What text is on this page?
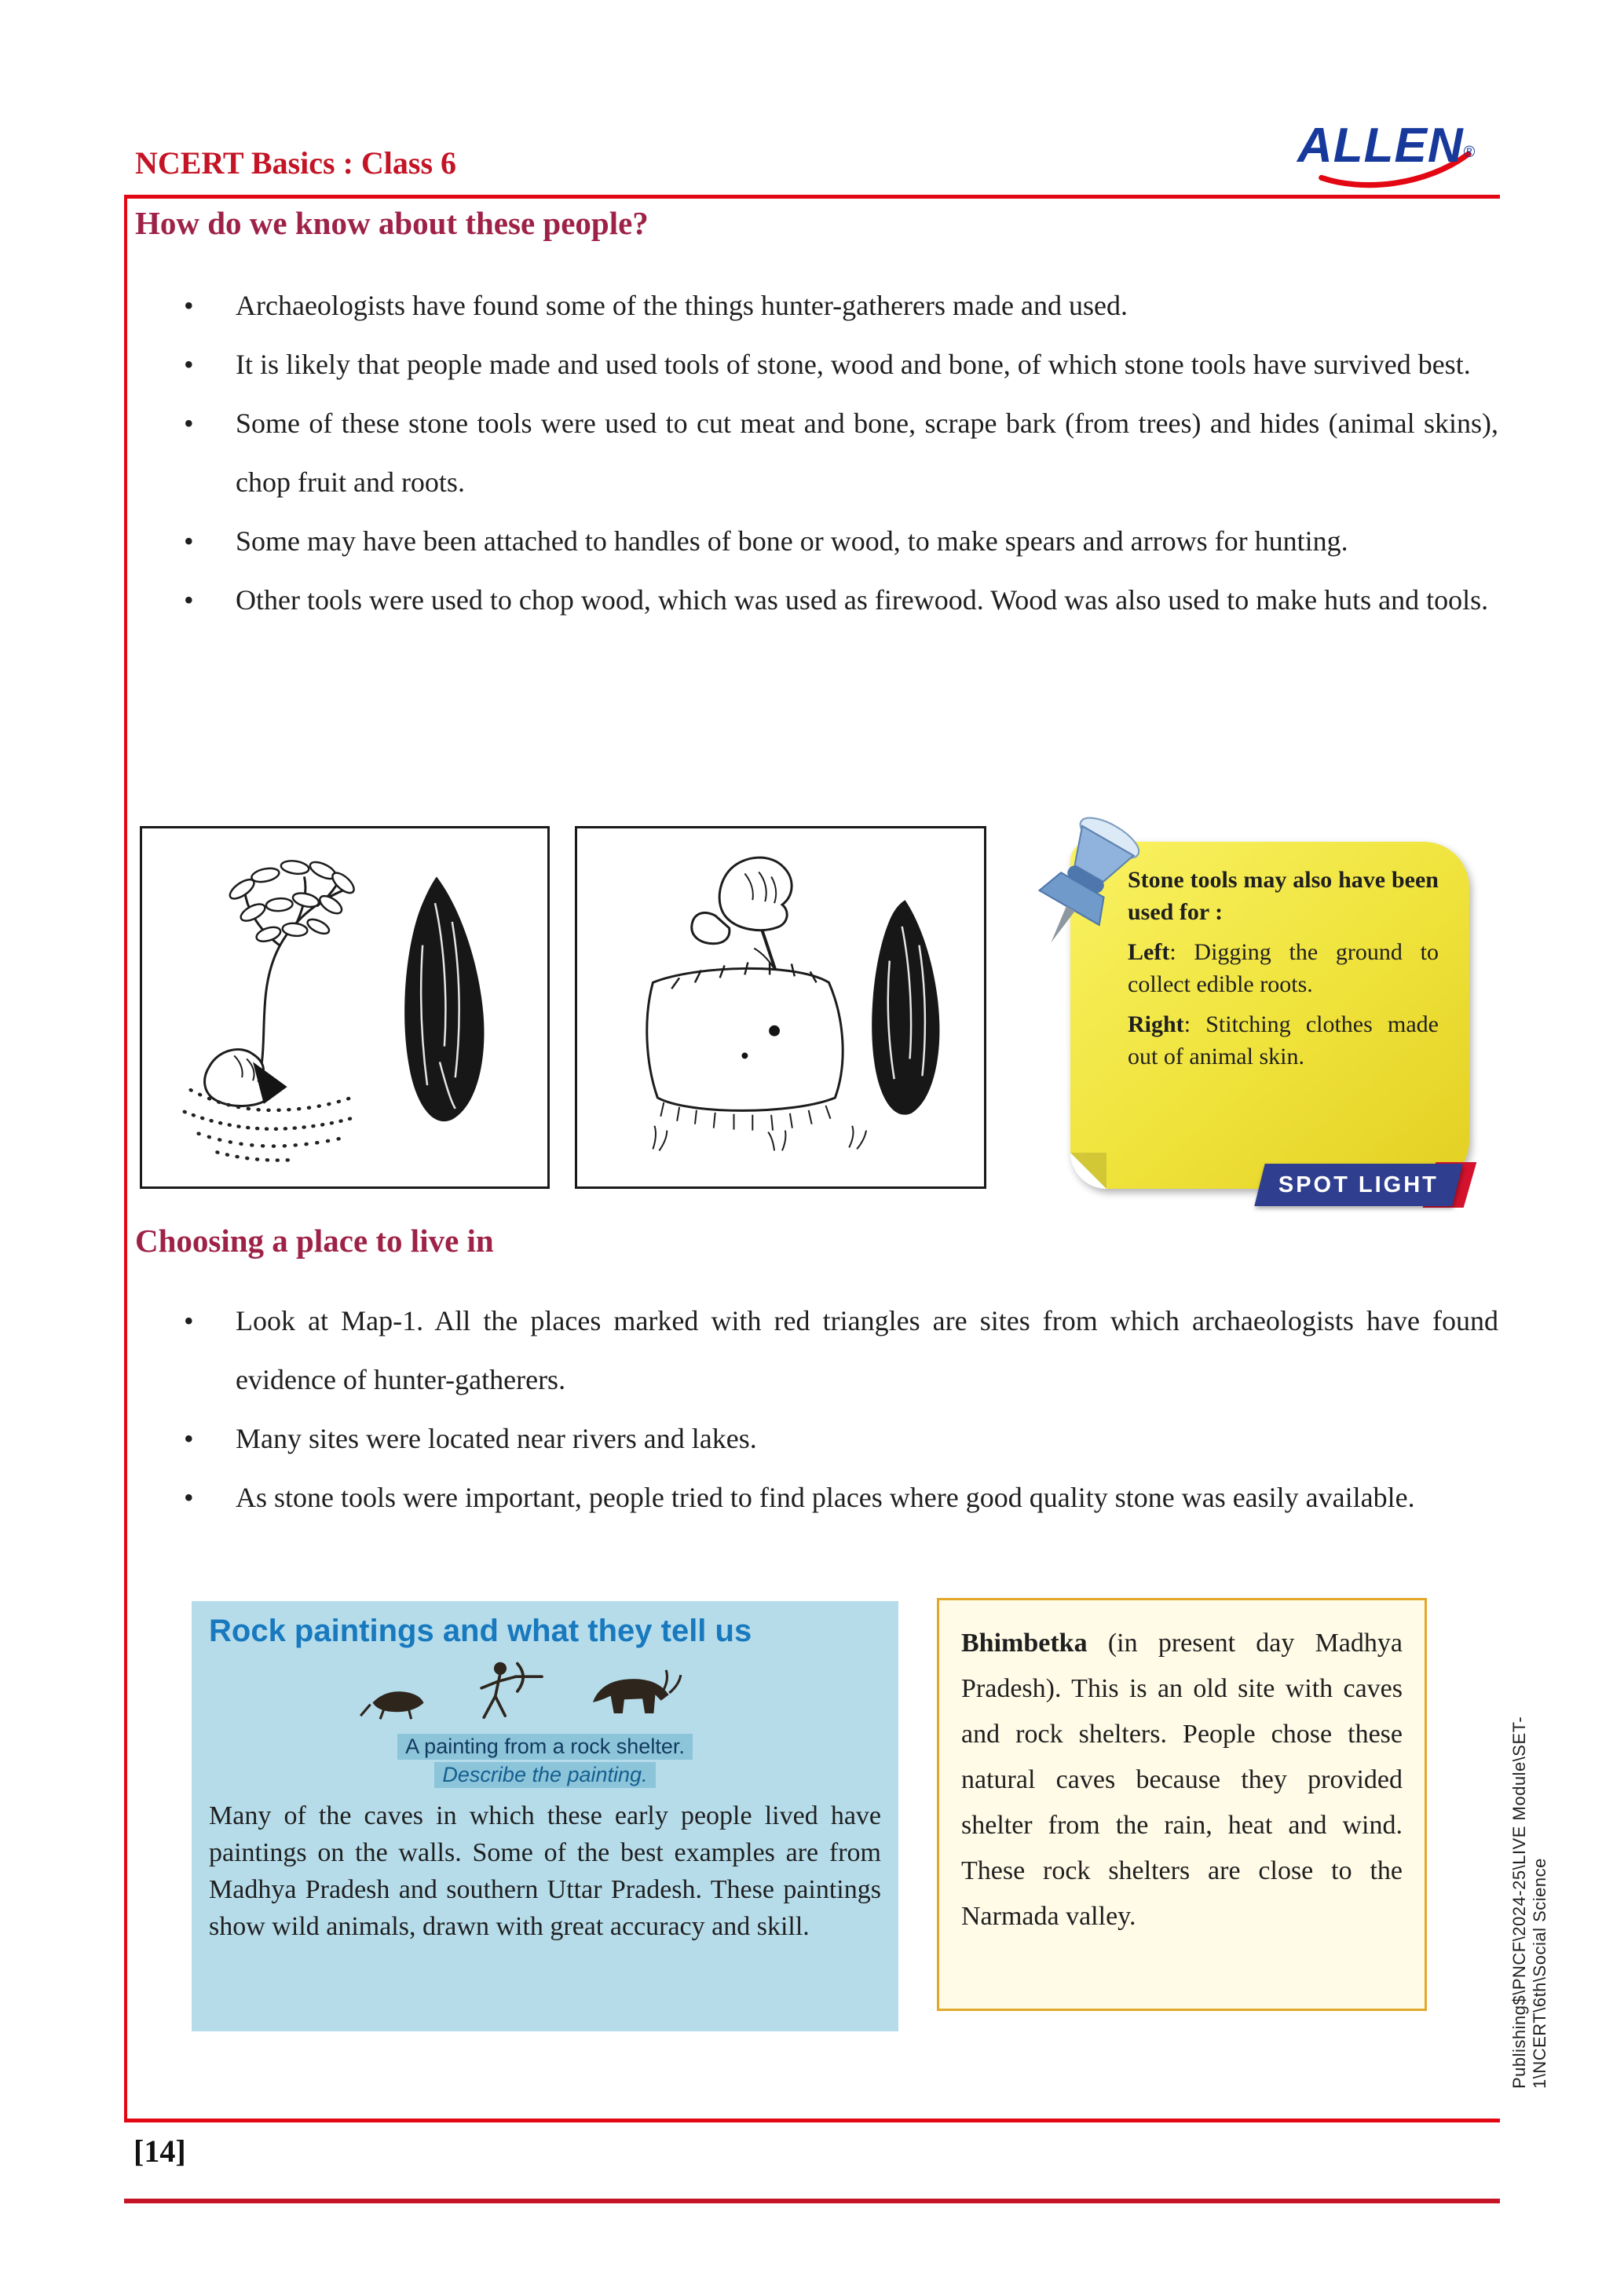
NCERT Basics : Class 6	ALLEN®
How do we know about these people?
• Archaeologists have found some of the things hunter-gatherers made and used.
• It is likely that people made and used tools of stone, wood and bone, of which stone tools have survived best.
• Some of these stone tools were used to cut meat and bone, scrape bark (from trees) and hides (animal skins), chop fruit and roots.
• Some may have been attached to handles of bone or wood, to make spears and arrows for hunting.
• Other tools were used to chop wood, which was used as firewood. Wood was also used to make huts and tools.

Stone tools may also have been used for :

Left: Digging the ground to collect edible roots.

Right: Stitching clothes made out of animal skin.

SPOT LIGHT
Choosing a place to live in
• Look at Map-1. All the places marked with red triangles are sites from which archaeologists have found evidence of hunter-gatherers.
• Many sites were located near rivers and lakes.
• As stone tools were important, people tried to find places where good quality stone was easily available.
Rock paintings and what they tell us
A painting from a rock shelter.
Describe the painting.
Many of the caves in which these early people lived have paintings on the walls. Some of the best examples are from Madhya Pradesh and southern Uttar Pradesh. These paintings show wild animals, drawn with great accuracy and skill.
Bhimbetka (in present day Madhya Pradesh). This is an old site with caves and rock shelters. People chose these natural caves because they provided shelter from the rain, heat and wind. These rock shelters are close to the Narmada valley.	Publishing$\PNCF\2024-25\LIVE Module\SET-1\NCERT\6th\Social Science
[14]
